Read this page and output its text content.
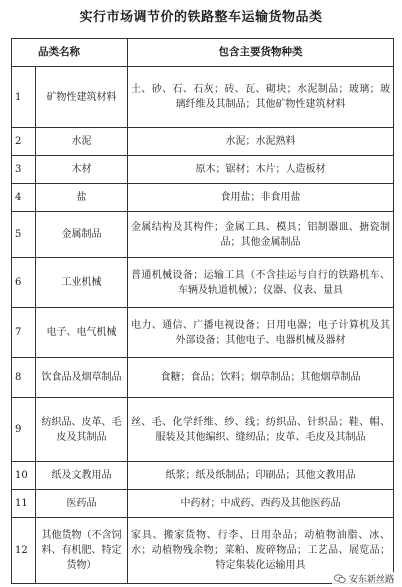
实行市场调节价的铁路整车运输货物品类
品类名称		包含主要货物种类
1	矿物性建筑材料	土、砂、石、石灰；砖、瓦、砌块；水泥制品；玻璃；玻璃纤维及其制品；其他矿物性建筑材料
2	水泥	水泥；水泥熟料
3	木材	原木；锯材；木片；人造板材
4	盐	食用盐；非食用盐
5	金属制品	金属结构及其构件；金属工具、模具；铝制器皿、搪瓷制品；其他金属制品
6	工业机械	普通机械设备；运输工具（不含挂运与自行的铁路机车、车辆及轨道机械）；仪器、仪表、量具
7	电子、电气机械	电力、通信、广播电视设备；日用电器；电子计算机及其外部设备；其他电子、电器机械及器材
8	饮食品及烟草制品	食糖；食品；饮料；烟草制品；其他烟草制品
9	纺织品、皮革、毛皮及其制品	丝、毛、化学纤维、纱、线；纺织品、针织品；鞋、帽、服装及其他编织、缝纫品；皮革、毛皮及其制品
10	纸及文教用品	纸浆；纸及纸制品；印刷品；其他文教用品
11	医药品	中药材；中成药、西药及其他医药品
12	其他货物（不含饲料、有机肥、特定货物）	家具、搬家货物、行李、日用杂品；动植物油脂、冰、水；动植物残余物；菜粕、废碎物品；工艺品、展览品；特定集装化运输用具
安东新丝路
